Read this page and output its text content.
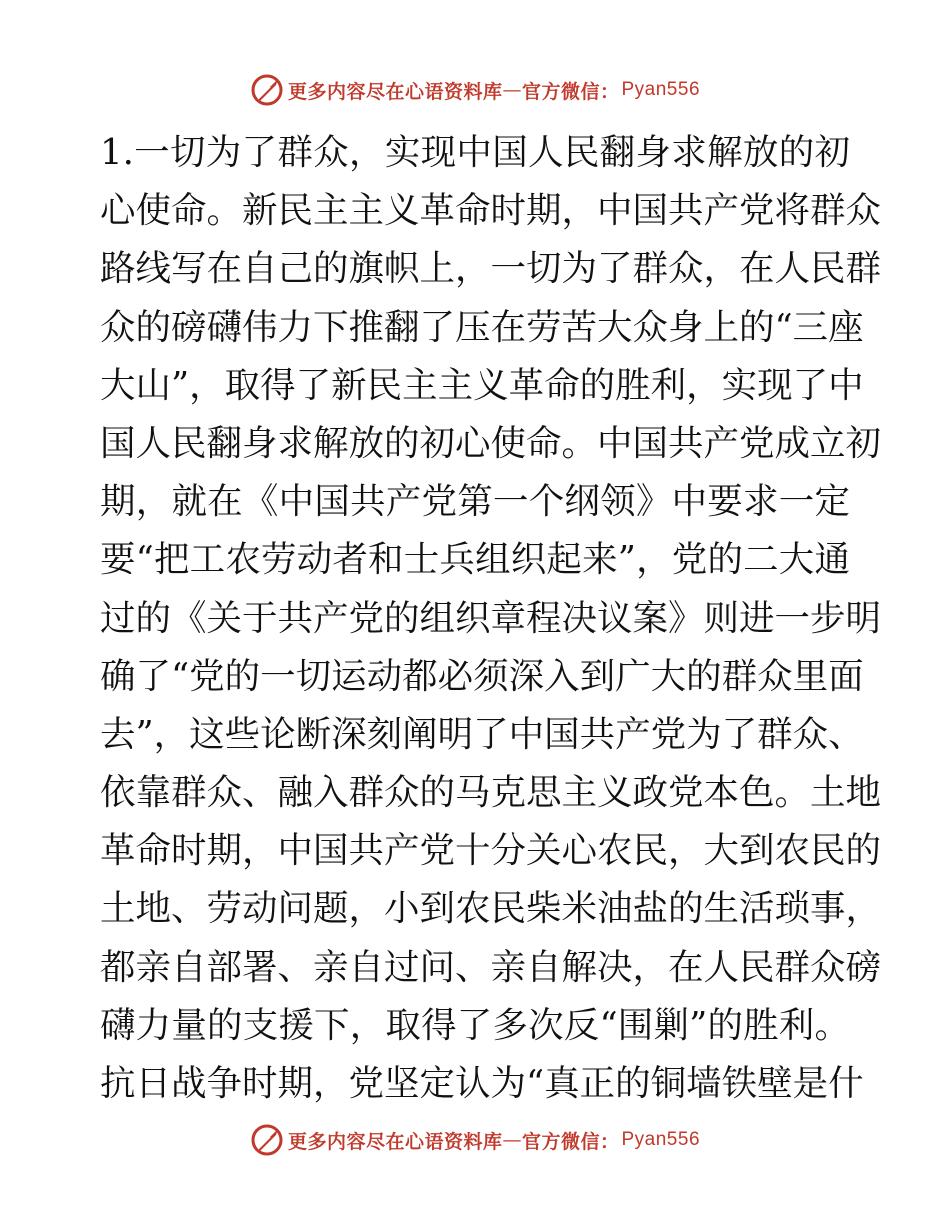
更多内容尽在心语资料库 — 官方微信： Pyan556
1.一切为了群众，实现中国人民翻身求解放的初
心使命。新民主主义革命时期，中国共产党将群众
路线写在自己的旗帜上，一切为了群众，在人民群
众的磅礴伟力下推翻了压在劳苦大众身上的“三座
大山”，取得了新民主主义革命的胜利，实现了中
国人民翻身求解放的初心使命。中国共产党成立初
期，就在《中国共产党第一个纲领》中要求一定
要“把工农劳动者和士兵组织起来”，党的二大通
过的《关于共产党的组织章程决议案》则进一步明
确了“党的一切运动都必须深入到广大的群众里面
去”，这些论断深刻阐明了中国共产党为了群众、
依靠群众、融入群众的马克思主义政党本色。土地
革命时期，中国共产党十分关心农民，大到农民的
土地、劳动问题，小到农民柴米油盐的生活琐事，
都亲自部署、亲自过问、亲自解决，在人民群众磅
礴力量的支援下，取得了多次反“围剿”的胜利。
抗日战争时期，党坚定认为“真正的铜墙铁壁是什
更多内容尽在心语资料库 — 官方微信： Pyan556
